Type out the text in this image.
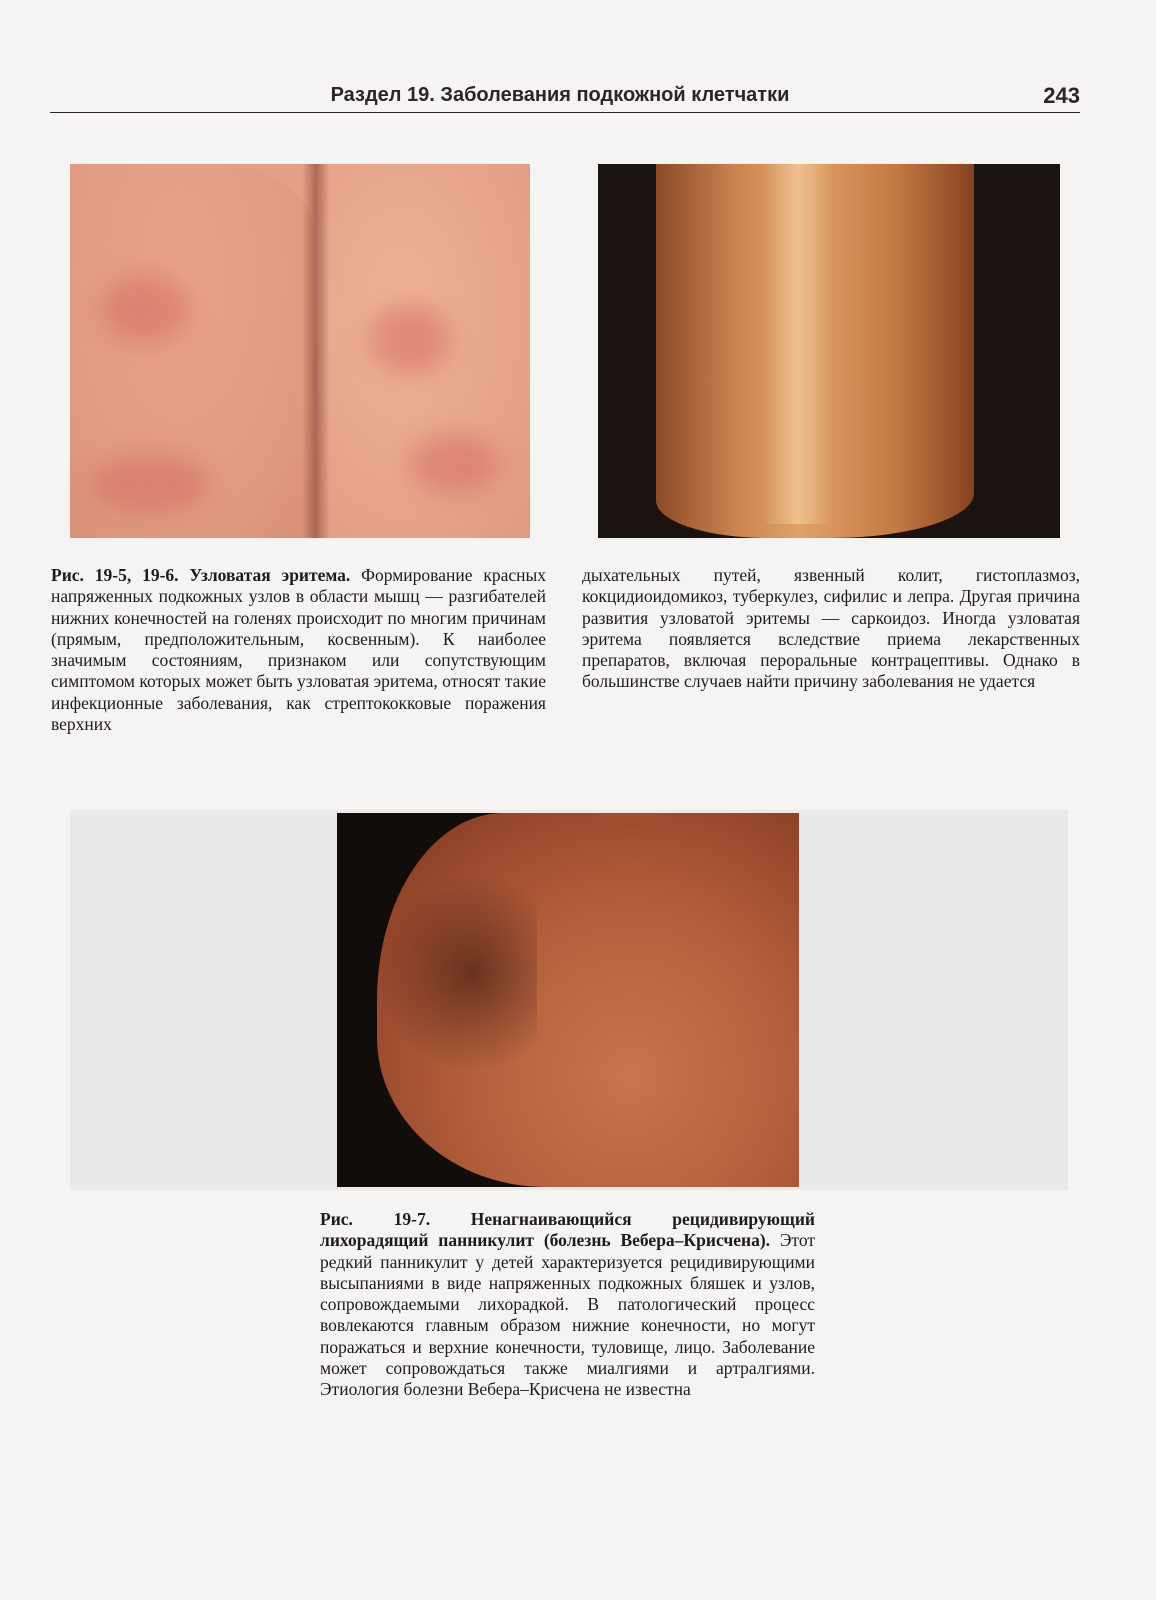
Раздел 19. Заболевания подкожной клетчатки	243
Рис. 19-5, 19-6. Узловатая эритема. Формирование красных напряженных подкожных узлов в области мышц — разгибателей нижних конечностей на голенях происходит по многим причинам (прямым, предположительным, косвенным). К наиболее значимым состояниям, признаком или сопутствующим симптомом которых может быть узловатая эритема, относят такие инфекционные заболевания, как стрептококковые поражения верхних
дыхательных путей, язвенный колит, гистоплазмоз, кокцидиоидомикоз, туберкулез, сифилис и лепра. Другая причина развития узловатой эритемы — саркоидоз. Иногда узловатая эритема появляется вследствие приема лекарственных препаратов, включая пероральные контрацептивы. Однако в большинстве случаев найти причину заболевания не удается
Рис. 19-7. Ненагнаивающийся рецидивирующий лихорадящий панникулит (болезнь Вебера–Крисчена). Этот редкий панникулит у детей характеризуется рецидивирующими высыпаниями в виде напряженных подкожных бляшек и узлов, сопровождаемыми лихорадкой. В патологический процесс вовлекаются главным образом нижние конечности, но могут поражаться и верхние конечности, туловище, лицо. Заболевание может сопровождаться также миалгиями и артралгиями. Этиология болезни Вебера–Крисчена не известна
